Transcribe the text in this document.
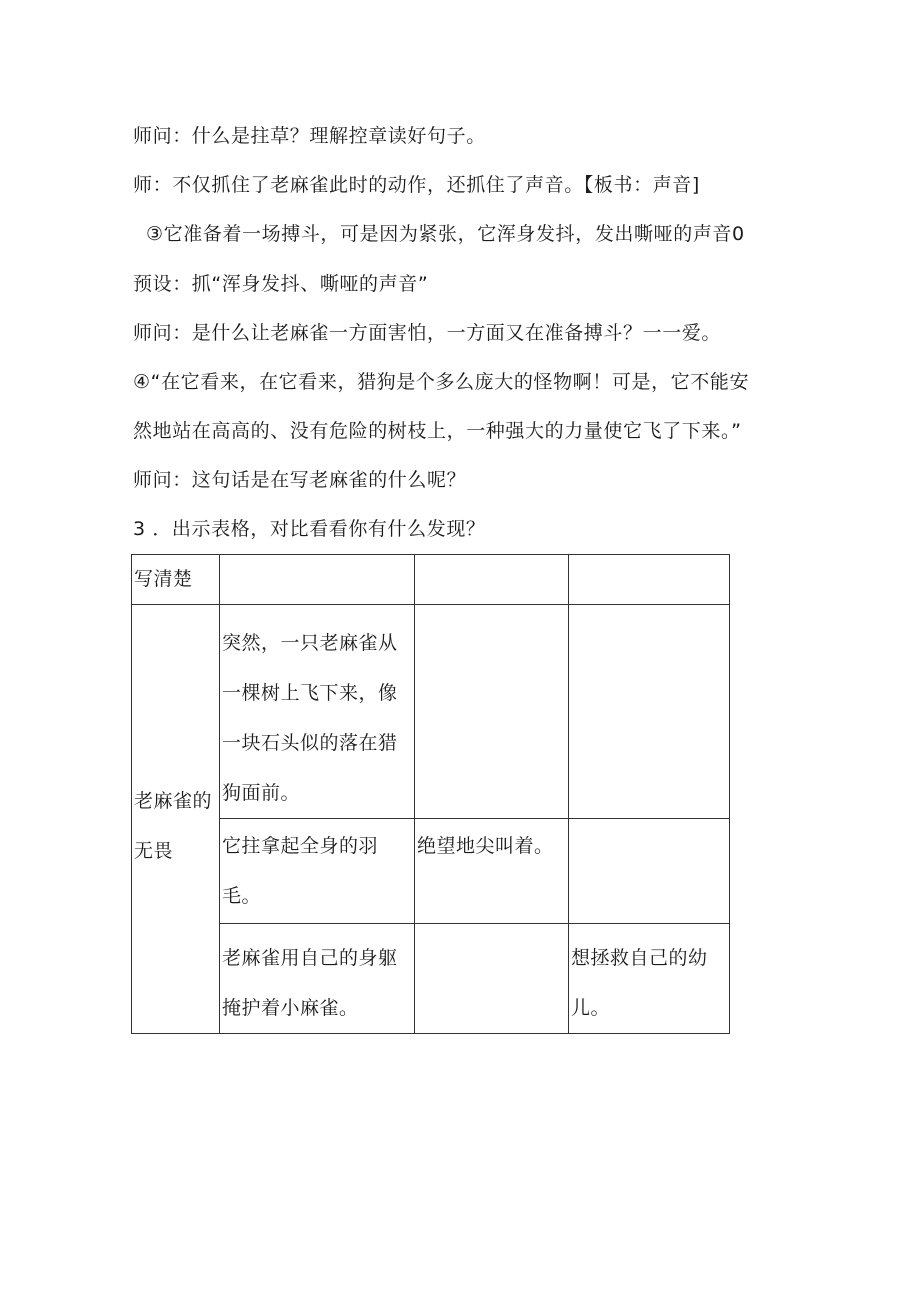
师问：什么是拄草？理解控章读好句子。
师：不仅抓住了老麻雀此时的动作，还抓住了声音。【板书：声音]
③它准备着一场搏斗，可是因为紧张，它浑身发抖，发出嘶哑的声音0
预设：抓“浑身发抖、嘶哑的声音”
师问：是什么让老麻雀一方面害怕，一方面又在准备搏斗？一一爱。
④“在它看来，在它看来，猎狗是个多么庞大的怪物啊！可是，它不能安
然地站在高高的、没有危险的树枝上，一种强大的力量使它飞了下来。”
师问：这句话是在写老麻雀的什么呢？
3 ．出示表格，对比看看你有什么发现？
写清楚			

老麻雀的无畏	突然，一只老麻雀从一棵树上飞下来，像一块石头似的落在猎狗面前。		

	它拄拿起全身的羽毛。	绝望地尖叫着。	

	老麻雀用自己的身躯掩护着小麻雀。		想拯救自己的幼儿。
